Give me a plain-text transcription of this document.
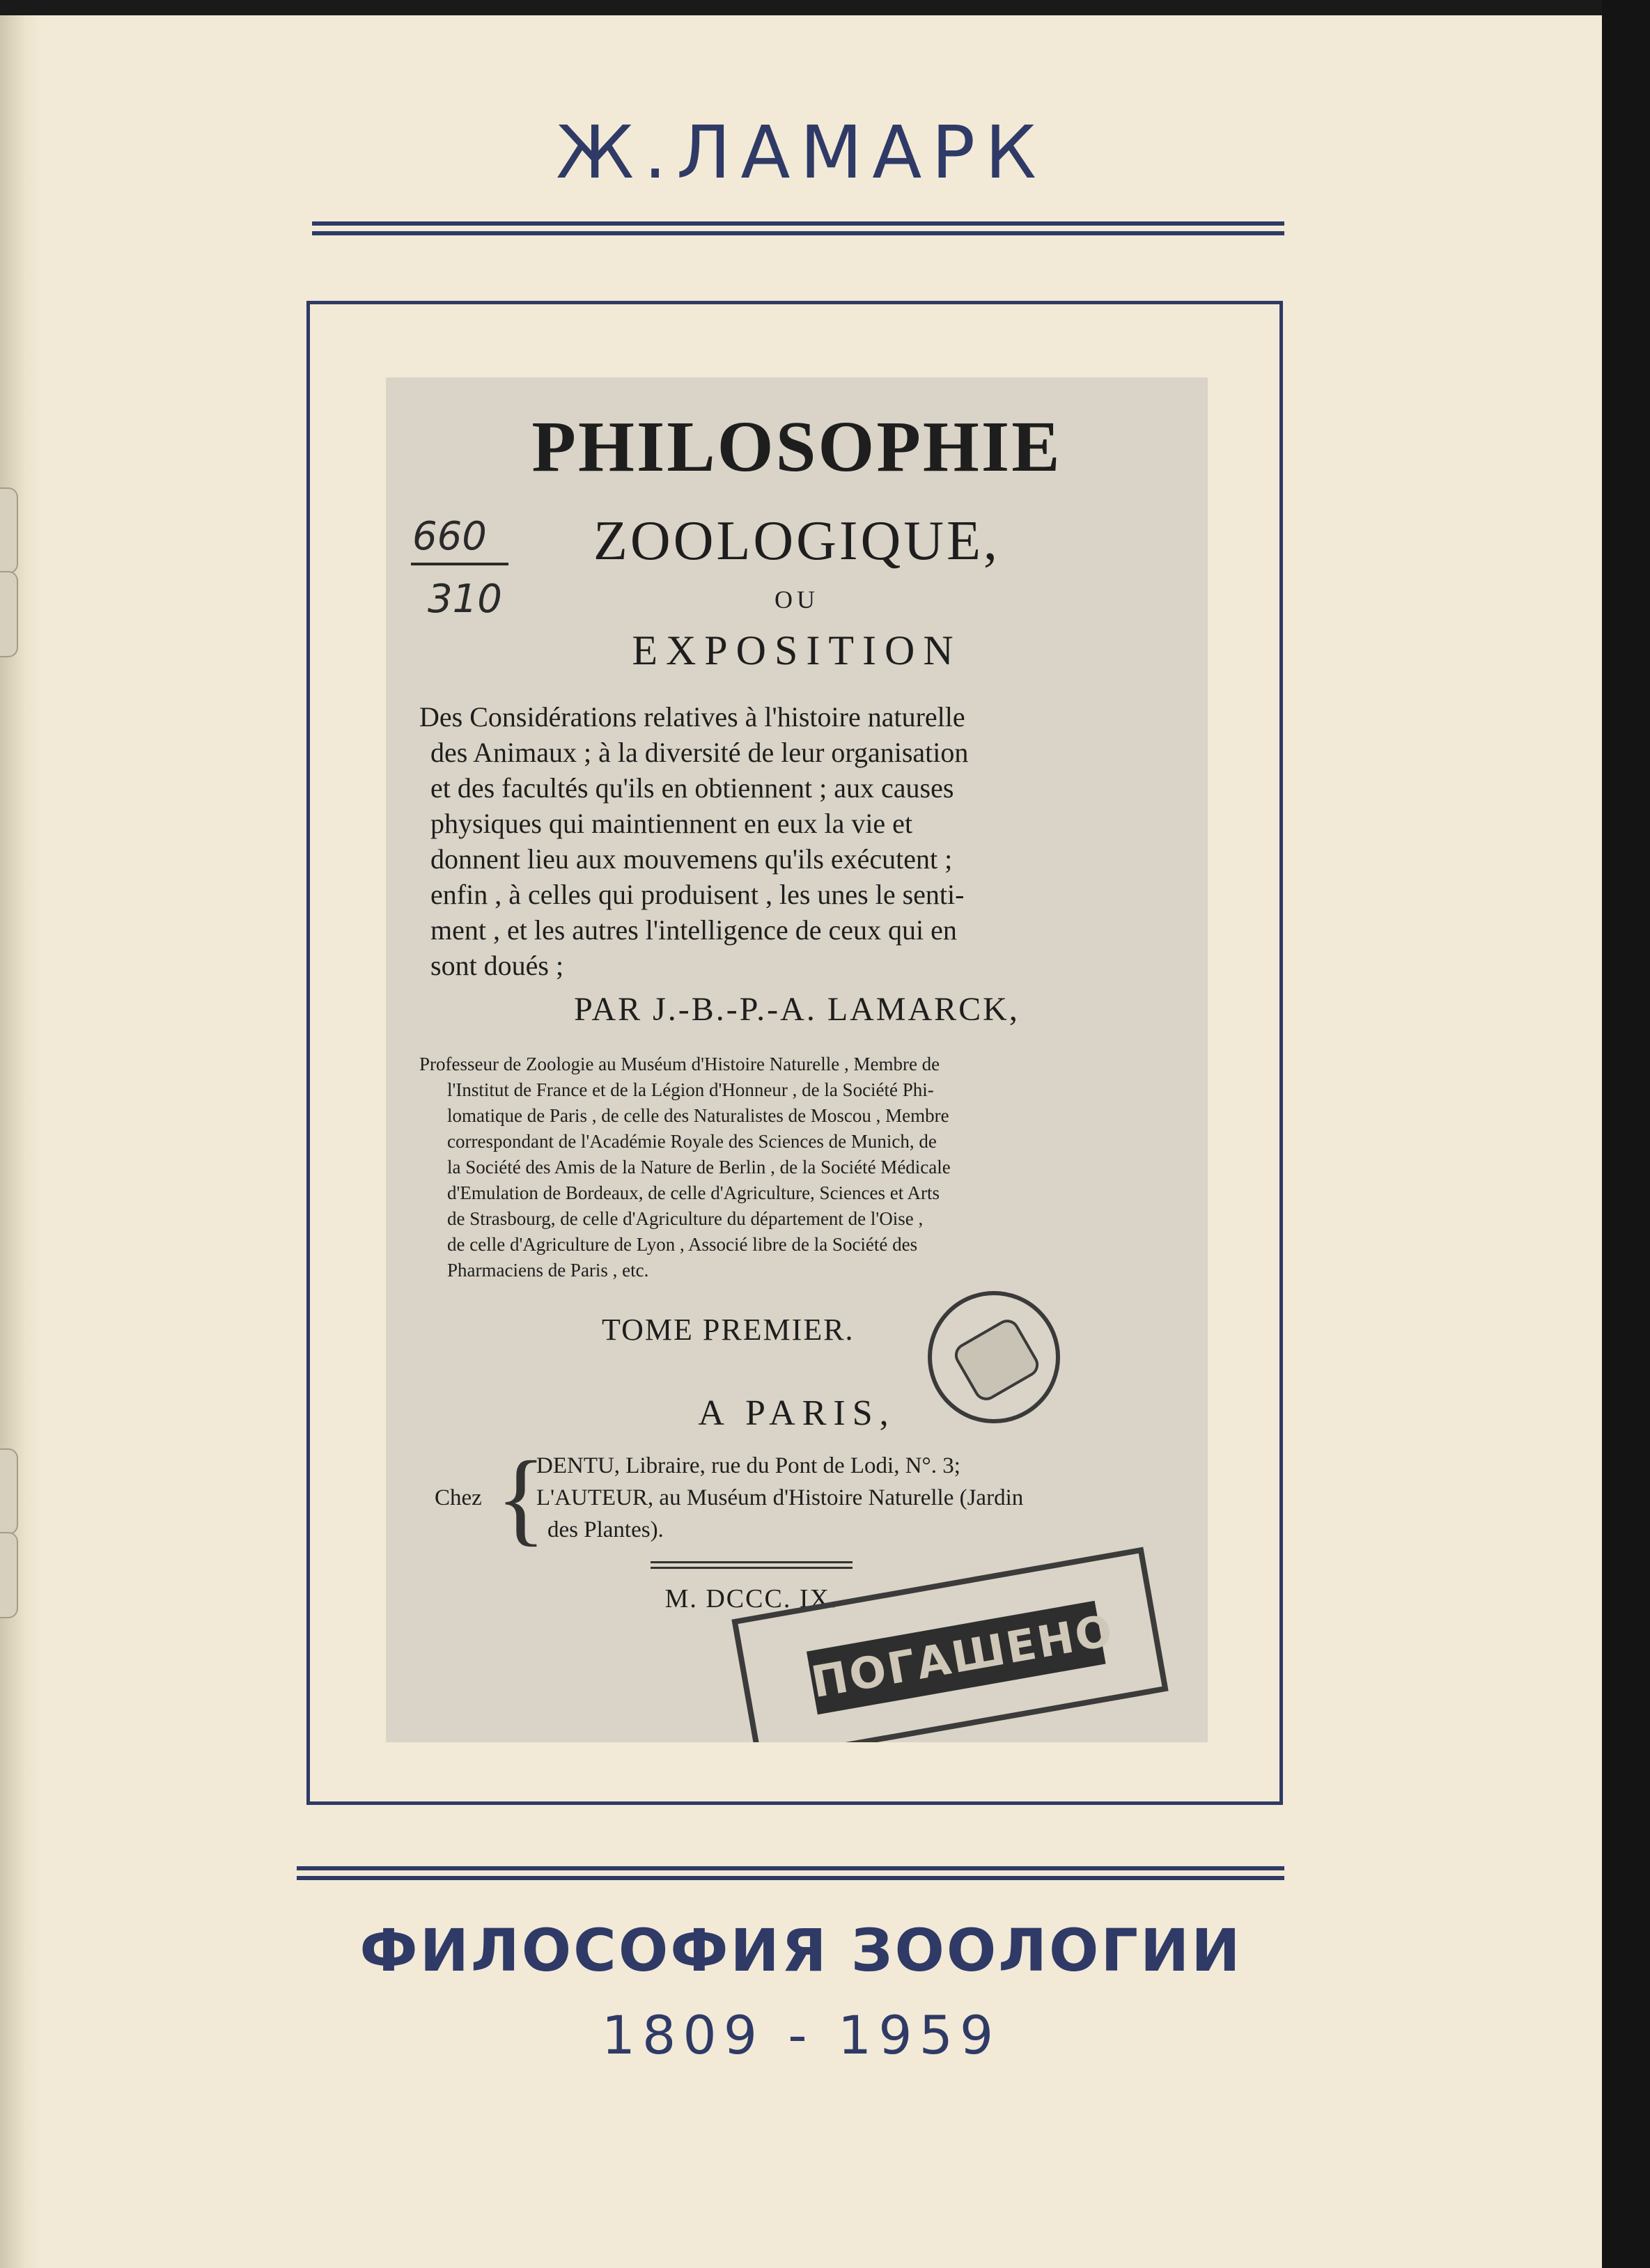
Ж.ЛАМАРК
PHILOSOPHIE
ZOOLOGIQUE,
OU
EXPOSITION
660
310
Des Considérations relatives à l'histoire naturelle
des Animaux ; à la diversité de leur organisation
et des facultés qu'ils en obtiennent ; aux causes
physiques qui maintiennent en eux la vie et
donnent lieu aux mouvemens qu'ils exécutent ;
enfin , à celles qui produisent , les unes le senti-
ment , et les autres l'intelligence de ceux qui en
sont doués ;
PAR J.-B.-P.-A. LAMARCK,
Professeur de Zoologie au Muséum d'Histoire Naturelle , Membre de
l'Institut de France et de la Légion d'Honneur , de la Société Phi-
lomatique de Paris , de celle des Naturalistes de Moscou , Membre
correspondant de l'Académie Royale des Sciences de Munich, de
la Société des Amis de la Nature de Berlin , de la Société Médicale
d'Emulation de Bordeaux, de celle d'Agriculture, Sciences et Arts
de Strasbourg, de celle d'Agriculture du département de l'Oise ,
de celle d'Agriculture de Lyon , Associé libre de la Société des
Pharmaciens de Paris , etc.
TOME PREMIER.
A PARIS,
Chez {
DENTU, Libraire, rue du Pont de Lodi, N°. 3;
L'AUTEUR, au Muséum d'Histoire Naturelle (Jardin
des Plantes).
M. DCCC. IX.
ПОГАШЕНО
ФИЛОСОФИЯ ЗООЛОГИИ
1809 - 1959
